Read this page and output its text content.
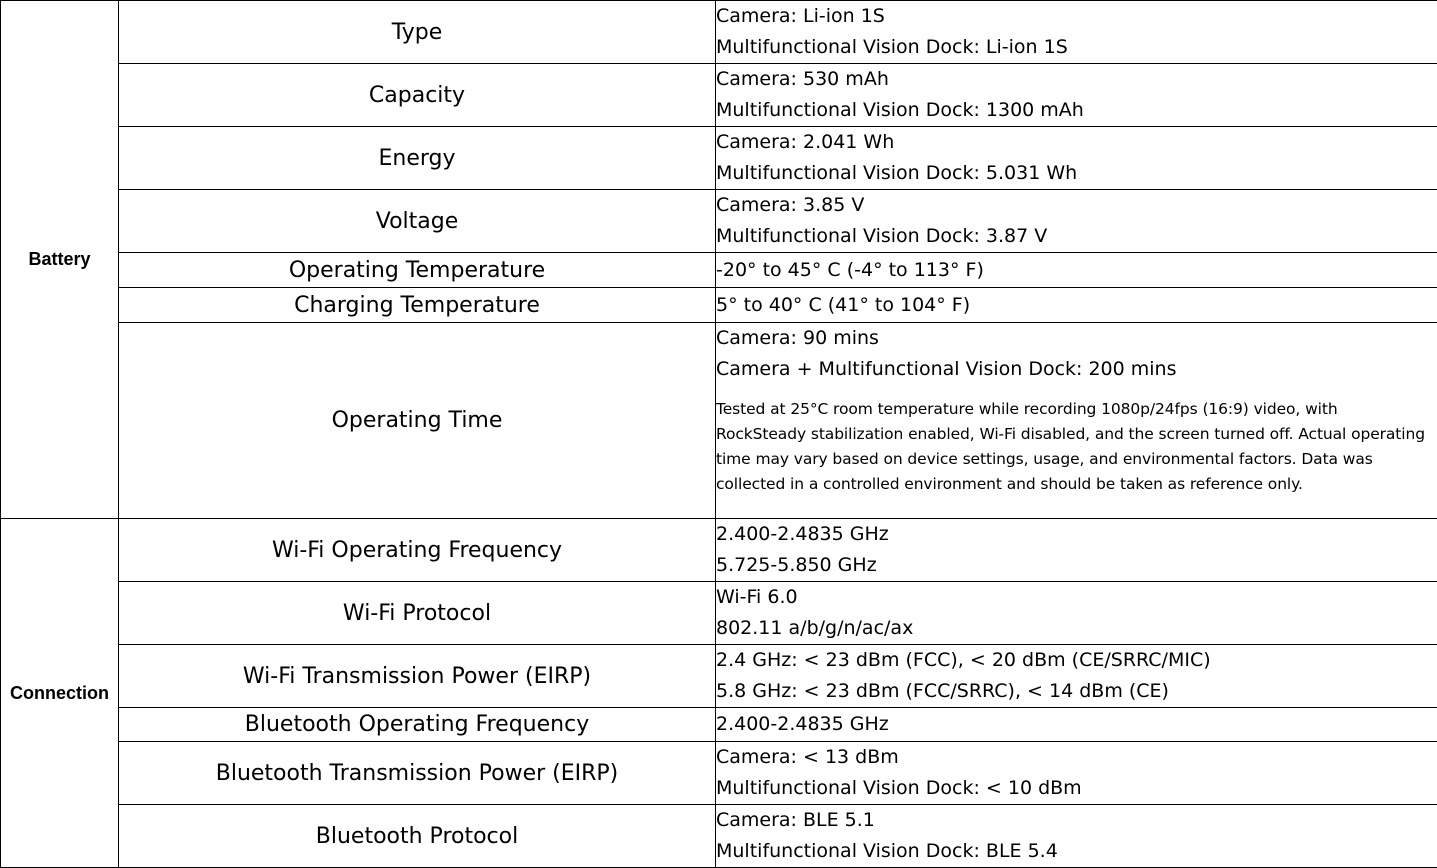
Battery	Type	Camera: Li-ion 1S
Multifunctional Vision Dock: Li-ion 1S

	Capacity	Camera: 530 mAh
Multifunctional Vision Dock: 1300 mAh

	Energy	Camera: 2.041 Wh
Multifunctional Vision Dock: 5.031 Wh

	Voltage	Camera: 3.85 V
Multifunctional Vision Dock: 3.87 V

	Operating Temperature	-20° to 45° C (-4° to 113° F)

	Charging Temperature	5° to 40° C (41° to 104° F)

	Operating Time	Camera: 90 mins
Camera + Multifunctional Vision Dock: 200 mins
Tested at 25°C room temperature while recording 1080p/24fps (16:9) video, with RockSteady stabilization enabled, Wi-Fi disabled, and the screen turned off. Actual operating time may vary based on device settings, usage, and environmental factors. Data was collected in a controlled environment and should be taken as reference only.

Connection	Wi-Fi Operating Frequency	2.400-2.4835 GHz
5.725-5.850 GHz

	Wi-Fi Protocol	Wi-Fi 6.0
802.11 a/b/g/n/ac/ax

	Wi-Fi Transmission Power (EIRP)	2.4 GHz: < 23 dBm (FCC), < 20 dBm (CE/SRRC/MIC)
5.8 GHz: < 23 dBm (FCC/SRRC), < 14 dBm (CE)

	Bluetooth Operating Frequency	2.400-2.4835 GHz

	Bluetooth Transmission Power (EIRP)	Camera: < 13 dBm
Multifunctional Vision Dock: < 10 dBm

	Bluetooth Protocol	Camera: BLE 5.1
Multifunctional Vision Dock: BLE 5.4
